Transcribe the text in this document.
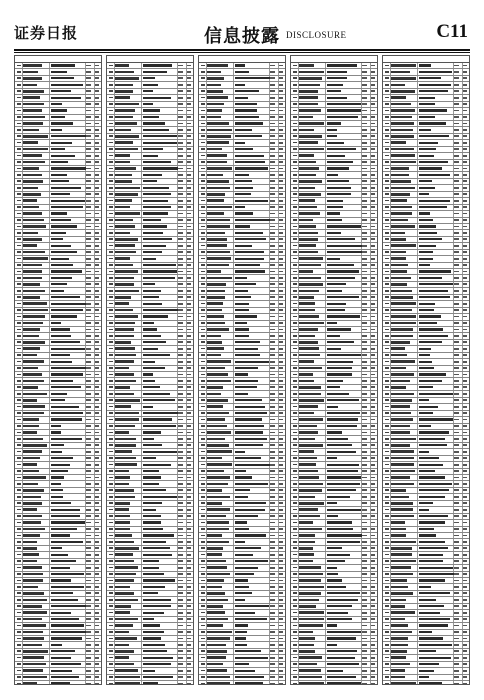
证券日报	信息披露 DISCLOSURE	C11
